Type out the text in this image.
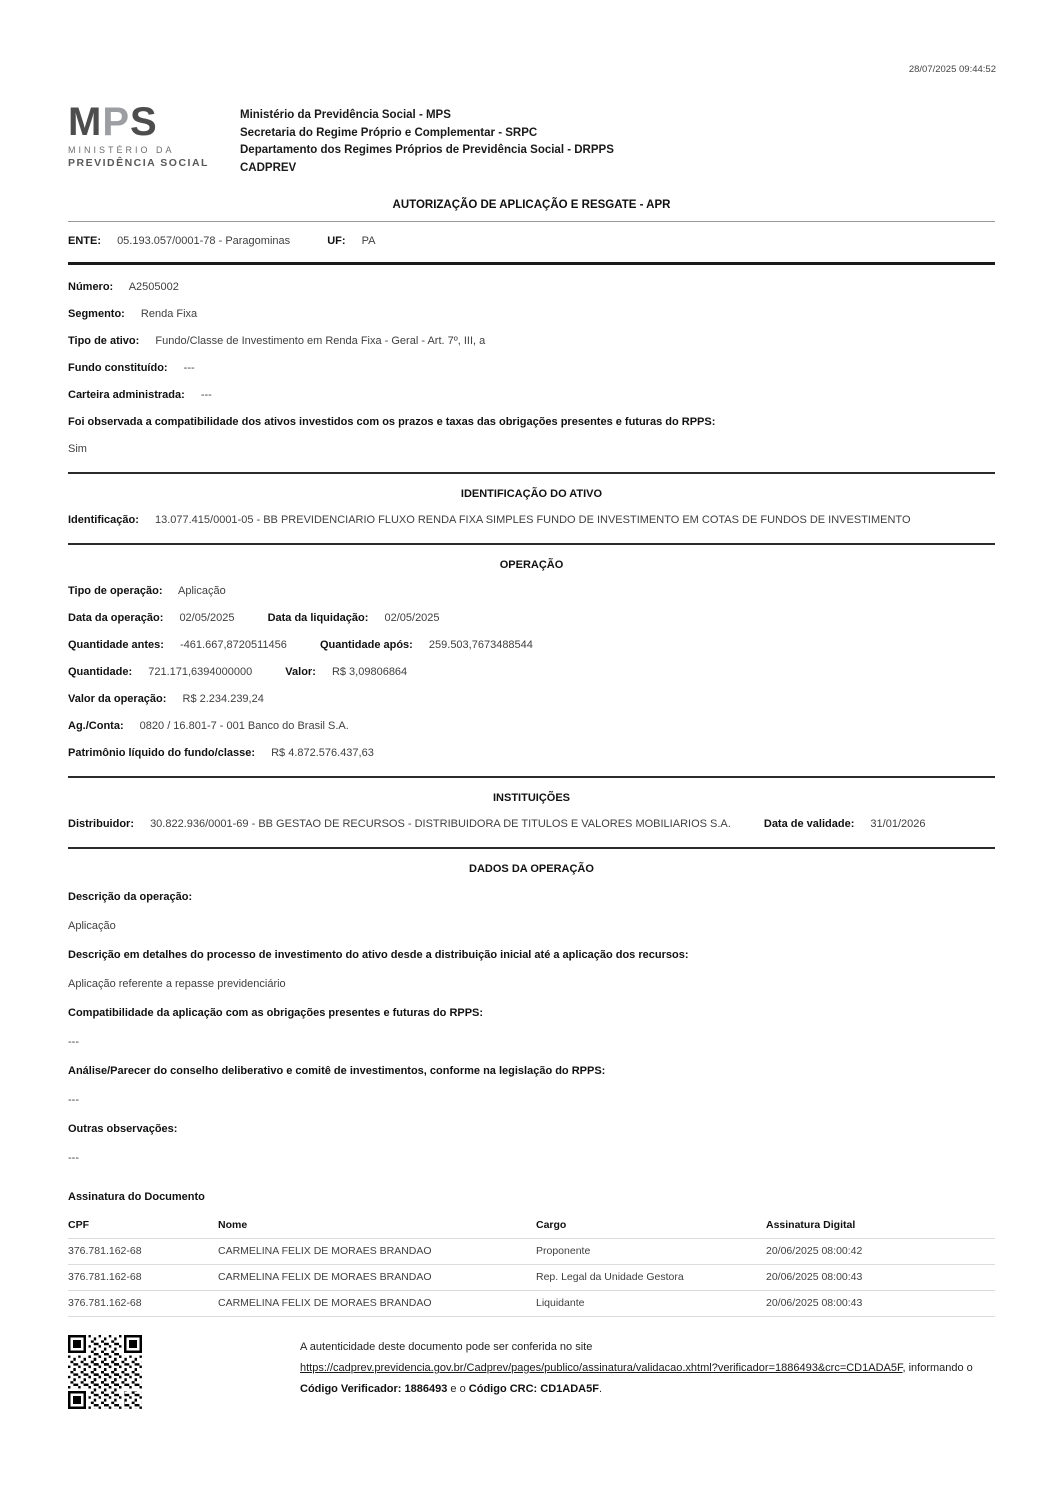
28/07/2025 09:44:52
MPS
MINISTÉRIO DA
PREVIDÊNCIA SOCIAL
Ministério da Previdência Social - MPS
Secretaria do Regime Próprio e Complementar - SRPC
Departamento dos Regimes Próprios de Previdência Social - DRPPS
CADPREV
AUTORIZAÇÃO DE APLICAÇÃO E RESGATE - APR
ENTE: 05.193.057/0001-78 - Paragominas	UF: PA
Número: A2505002
Segmento: Renda Fixa
Tipo de ativo: Fundo/Classe de Investimento em Renda Fixa - Geral - Art. 7º, III, a
Fundo constituído: ---
Carteira administrada: ---
Foi observada a compatibilidade dos ativos investidos com os prazos e taxas das obrigações presentes e futuras do RPPS:
Sim
IDENTIFICAÇÃO DO ATIVO
Identificação: 13.077.415/0001-05 - BB PREVIDENCIARIO FLUXO RENDA FIXA SIMPLES FUNDO DE INVESTIMENTO EM COTAS DE FUNDOS DE INVESTIMENTO
OPERAÇÃO
Tipo de operação: Aplicação
Data da operação: 02/05/2025	Data da liquidação: 02/05/2025
Quantidade antes: -461.667,8720511456	Quantidade após: 259.503,7673488544
Quantidade: 721.171,6394000000	Valor: R$ 3,09806864
Valor da operação: R$ 2.234.239,24
Ag./Conta: 0820 / 16.801-7 - 001 Banco do Brasil S.A.
Patrimônio líquido do fundo/classe: R$ 4.872.576.437,63
INSTITUIÇÕES
Distribuidor: 30.822.936/0001-69 - BB GESTAO DE RECURSOS - DISTRIBUIDORA DE TITULOS E VALORES MOBILIARIOS S.A.	Data de validade: 31/01/2026
DADOS DA OPERAÇÃO
Descrição da operação:
Aplicação
Descrição em detalhes do processo de investimento do ativo desde a distribuição inicial até a aplicação dos recursos:
Aplicação referente a repasse previdenciário
Compatibilidade da aplicação com as obrigações presentes e futuras do RPPS:
---
Análise/Parecer do conselho deliberativo e comitê de investimentos, conforme na legislação do RPPS:
---
Outras observações:
---
Assinatura do Documento
CPF	Nome	Cargo	Assinatura Digital
376.781.162-68	CARMELINA FELIX DE MORAES BRANDAO	Proponente	20/06/2025 08:00:42
376.781.162-68	CARMELINA FELIX DE MORAES BRANDAO	Rep. Legal da Unidade Gestora	20/06/2025 08:00:43
376.781.162-68	CARMELINA FELIX DE MORAES BRANDAO	Liquidante	20/06/2025 08:00:43
A autenticidade deste documento pode ser conferida no site
https://cadprev.previdencia.gov.br/Cadprev/pages/publico/assinatura/validacao.xhtml?verificador=1886493&crc=CD1ADA5F, informando o
Código Verificador: 1886493 e o Código CRC: CD1ADA5F.
